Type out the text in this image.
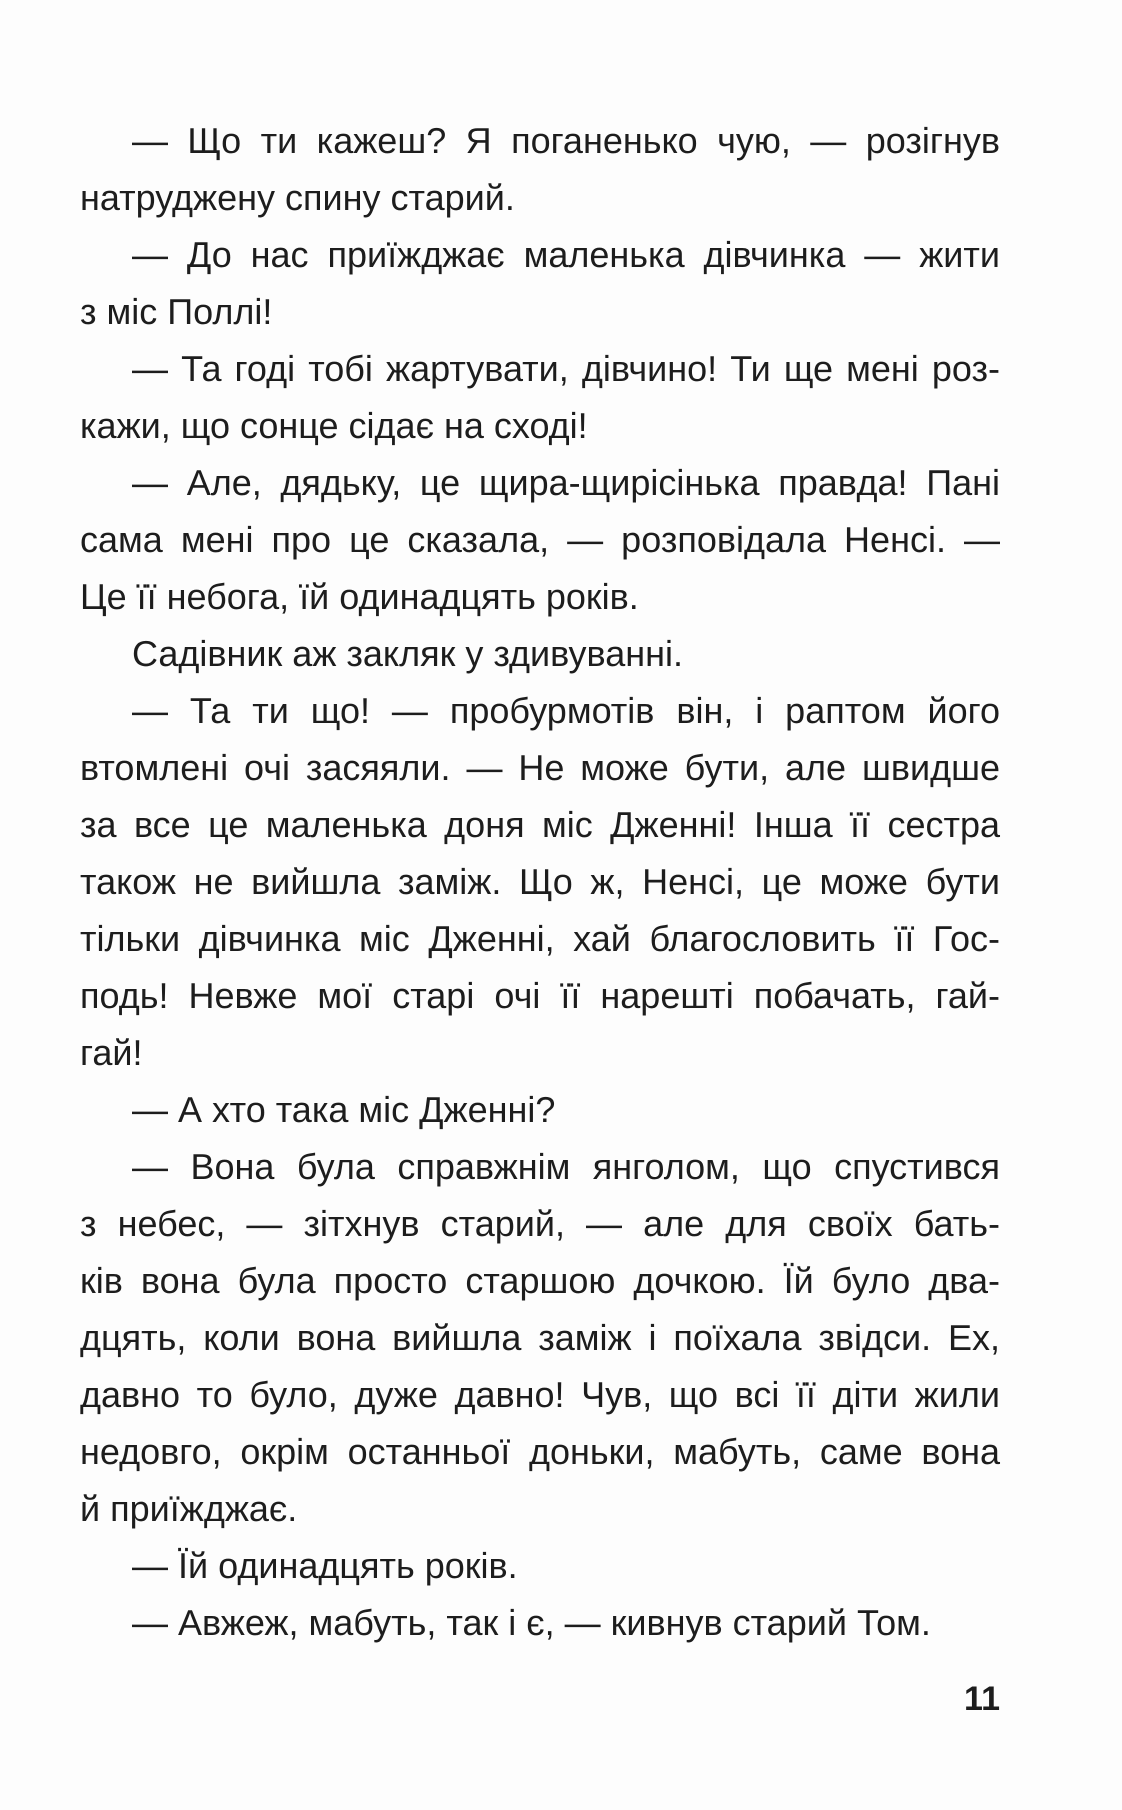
— Що ти кажеш? Я поганенько чую, — розігнув
натруджену спину старий.
— До нас приїжджає маленька дівчинка — жити
з міс Поллі!
— Та годі тобі жартувати, дівчино! Ти ще мені роз-
кажи, що сонце сідає на сході!
— Але, дядьку, це щира-щирісінька правда! Пані
сама мені про це сказала, — розповідала Ненсі. —
Це її небога, їй одинадцять років.
Садівник аж закляк у здивуванні.
— Та ти що! — пробурмотів він, і раптом його
втомлені очі засяяли. — Не може бути, але швидше
за все це маленька доня міс Дженні! Інша її сестра
також не вийшла заміж. Що ж, Ненсі, це може бути
тільки дівчинка міс Дженні, хай благословить її Гос-
подь! Невже мої старі очі її нарешті побачать, гай-
гай!
— А хто така міс Дженні?
— Вона була справжнім янголом, що спустився
з небес, — зітхнув старий, — але для своїх бать-
ків вона була просто старшою дочкою. Їй було два-
дцять, коли вона вийшла заміж і поїхала звідси. Ех,
давно то було, дуже давно! Чув, що всі її діти жили
недовго, окрім останньої доньки, мабуть, саме вона
й приїжджає.
— Їй одинадцять років.
— Авжеж, мабуть, так і є, — кивнув старий Том.
11
